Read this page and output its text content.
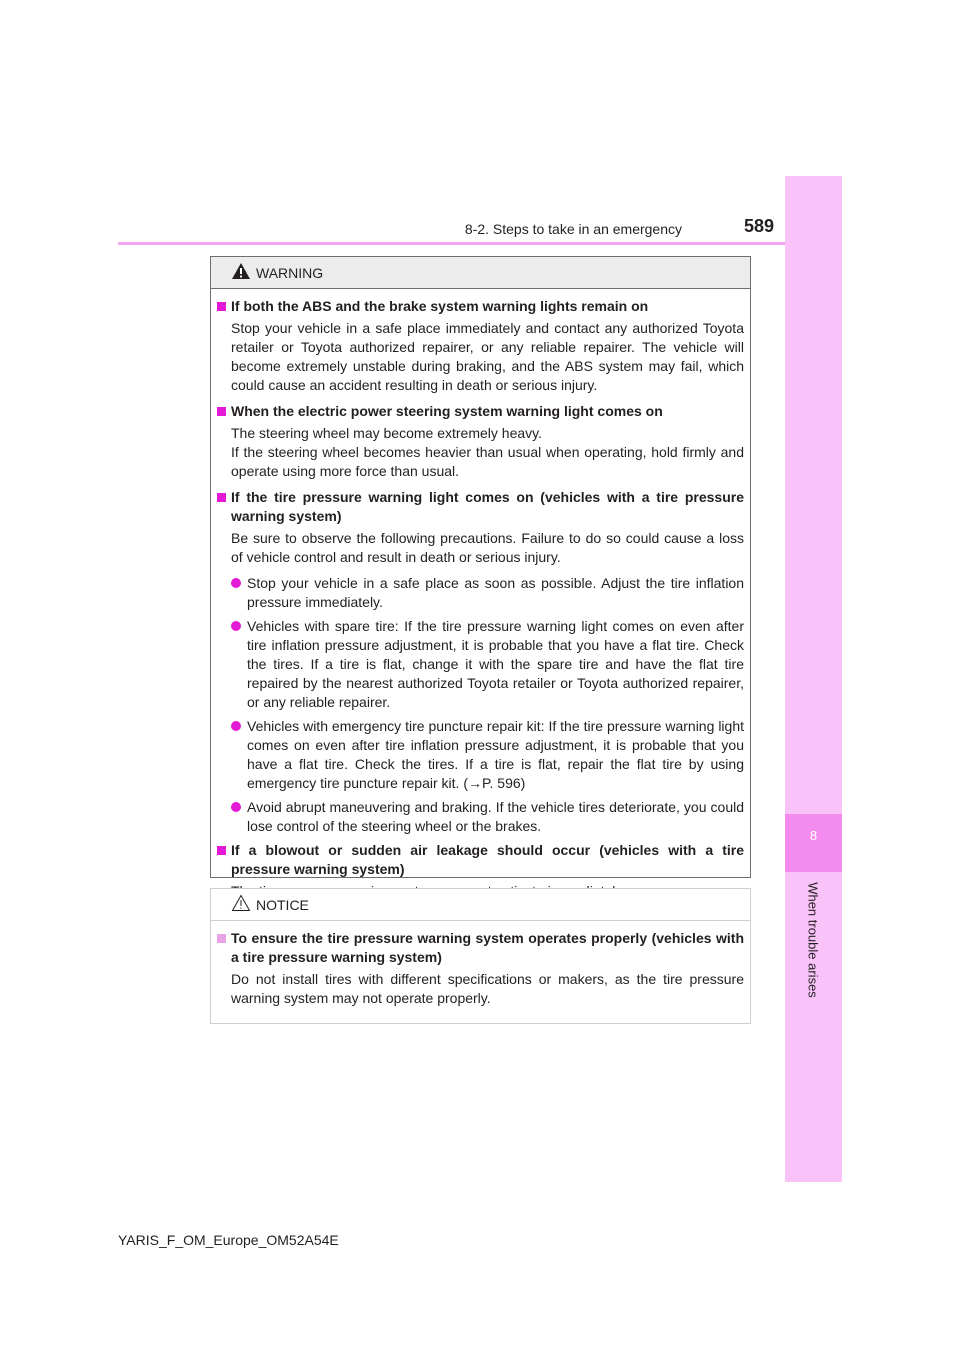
8-2. Steps to take in an emergency	589
8
When trouble arises
WARNING
If both the ABS and the brake system warning lights remain on
Stop your vehicle in a safe place immediately and contact any authorized Toyota retailer or Toyota authorized repairer, or any reliable repairer. The vehicle will become extremely unstable during braking, and the ABS system may fail, which could cause an accident resulting in death or serious injury.
When the electric power steering system warning light comes on
The steering wheel may become extremely heavy.
If the steering wheel becomes heavier than usual when operating, hold firmly and operate using more force than usual.
If the tire pressure warning light comes on (vehicles with a tire pressure warning system)
Be sure to observe the following precautions. Failure to do so could cause a loss of vehicle control and result in death or serious injury.
Stop your vehicle in a safe place as soon as possible. Adjust the tire inflation pressure immediately.
Vehicles with spare tire: If the tire pressure warning light comes on even after tire inflation pressure adjustment, it is probable that you have a flat tire. Check the tires. If a tire is flat, change it with the spare tire and have the flat tire repaired by the nearest authorized Toyota retailer or Toyota authorized repairer, or any reliable repairer.
Vehicles with emergency tire puncture repair kit: If the tire pressure warning light comes on even after tire inflation pressure adjustment, it is probable that you have a flat tire. Check the tires. If a tire is flat, repair the flat tire by using emergency tire puncture repair kit. (→P. 596)
Avoid abrupt maneuvering and braking. If the vehicle tires deteriorate, you could lose control of the steering wheel or the brakes.
If a blowout or sudden air leakage should occur (vehicles with a tire pressure warning system)
NOTICE
To ensure the tire pressure warning system operates properly (vehicles with a tire pressure warning system)
Do not install tires with different specifications or makers, as the tire pressure warning system may not operate properly.
YARIS_F_OM_Europe_OM52A54E
